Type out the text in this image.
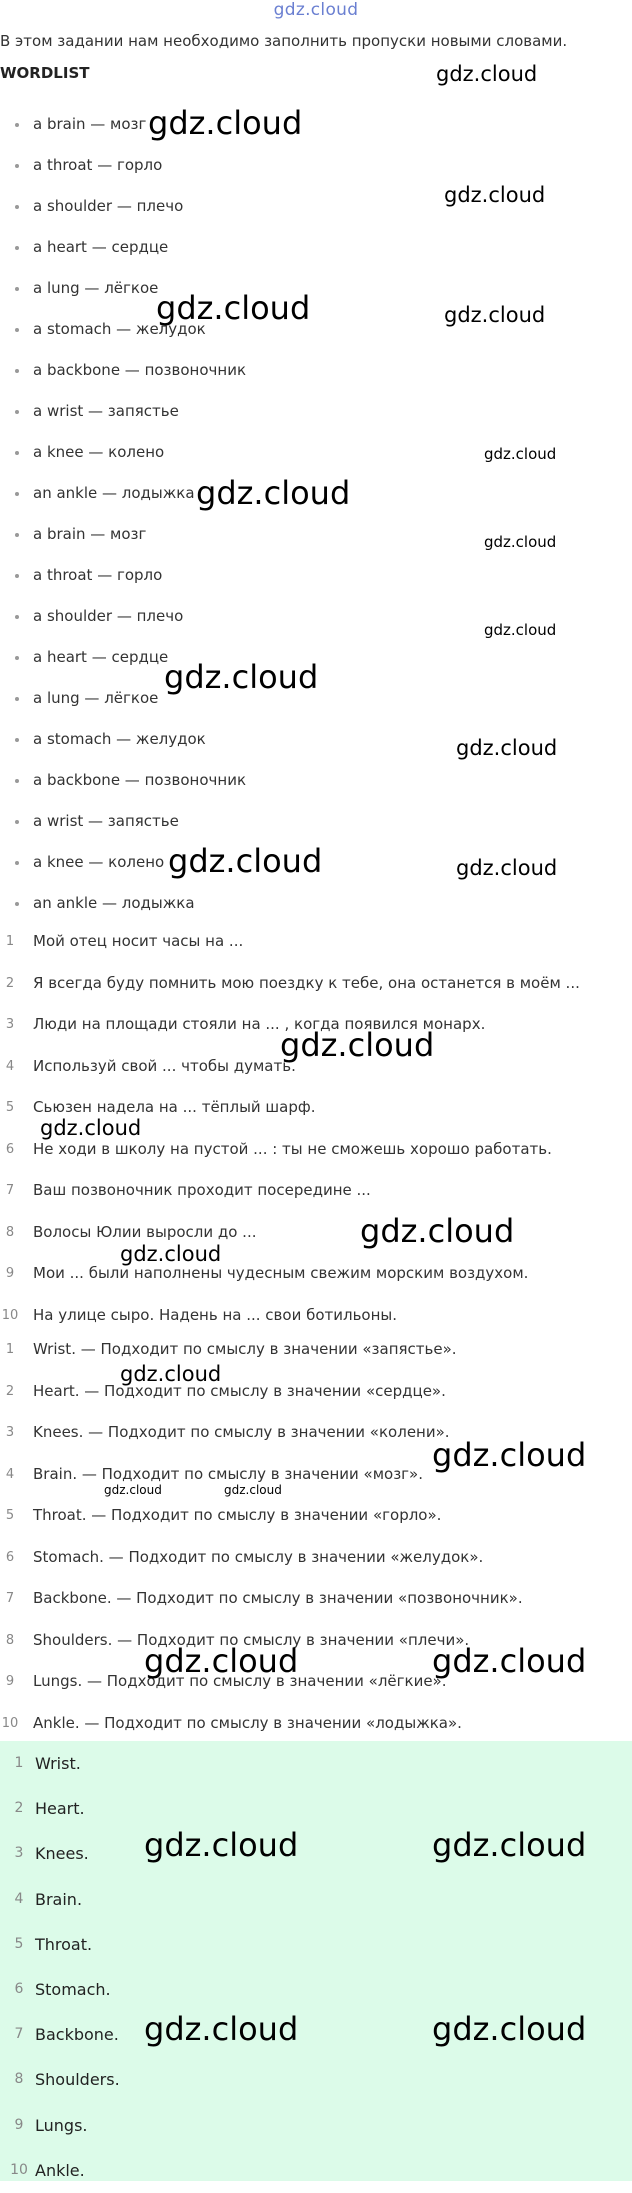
gdz.cloud
В этом задании нам необходимо заполнить пропуски новыми словами.
WORDLIST
a brain — мозг
a throat — горло
a shoulder — плечо
a heart — сердце
a lung — лёгкое
a stomach — желудок
a backbone — позвоночник
a wrist — запястье
a knee — колено
an ankle — лодыжка
a brain — мозг
a throat — горло
a shoulder — плечо
a heart — сердце
a lung — лёгкое
a stomach — желудок
a backbone — позвоночник
a wrist — запястье
a knee — колено
an ankle — лодыжка
1	Мой отец носит часы на ...
2	Я всегда буду помнить мою поездку к тебе, она останется в моём ...
3	Люди на площади стояли на ... , когда появился монарх.
4	Используй свой ... чтобы думать.
5	Сьюзен надела на ... тёплый шарф.
6	Не ходи в школу на пустой ... : ты не сможешь хорошо работать.
7	Ваш позвоночник проходит посередине ...
8	Волосы Юлии выросли до ...
9	Мои ... были наполнены чудесным свежим морским воздухом.
10 На улице сыро. Надень на ... свои ботильоны.
1	Wrist. — Подходит по смыслу в значении «запястье».
2	Heart. — Подходит по смыслу в значении «сердце».
3	Knees. — Подходит по смыслу в значении «колени».
4	Brain. — Подходит по смыслу в значении «мозг».
5	Throat. — Подходит по смыслу в значении «горло».
6	Stomach. — Подходит по смыслу в значении «желудок».
7	Backbone. — Подходит по смыслу в значении «позвоночник».
8	Shoulders. — Подходит по смыслу в значении «плечи».
9	Lungs. — Подходит по смыслу в значении «лёгкие».
10 Ankle. — Подходит по смыслу в значении «лодыжка».
1 Wrist.
2 Heart.
3 Knees.
4 Brain.
5 Throat.
6 Stomach.
7 Backbone.
8 Shoulders.
9 Lungs.
10 Ankle.
gdz.cloud
gdz.cloud
gdz.cloud
gdz.cloud	gdz.cloud
gdz.cloud
gdz.cloud
gdz.cloud
gdz.cloud
gdz.cloud
gdz.cloud
gdz.cloud	gdz.cloud
gdz.cloud
gdz.cloud
gdz.cloud
gdz.cloud
gdz.cloud
gdz.cloud
gdz.cloud	gdz.cloud
gdz.cloud	gdz.cloud
gdz.cloud	gdz.cloud
gdz.cloud	gdz.cloud
